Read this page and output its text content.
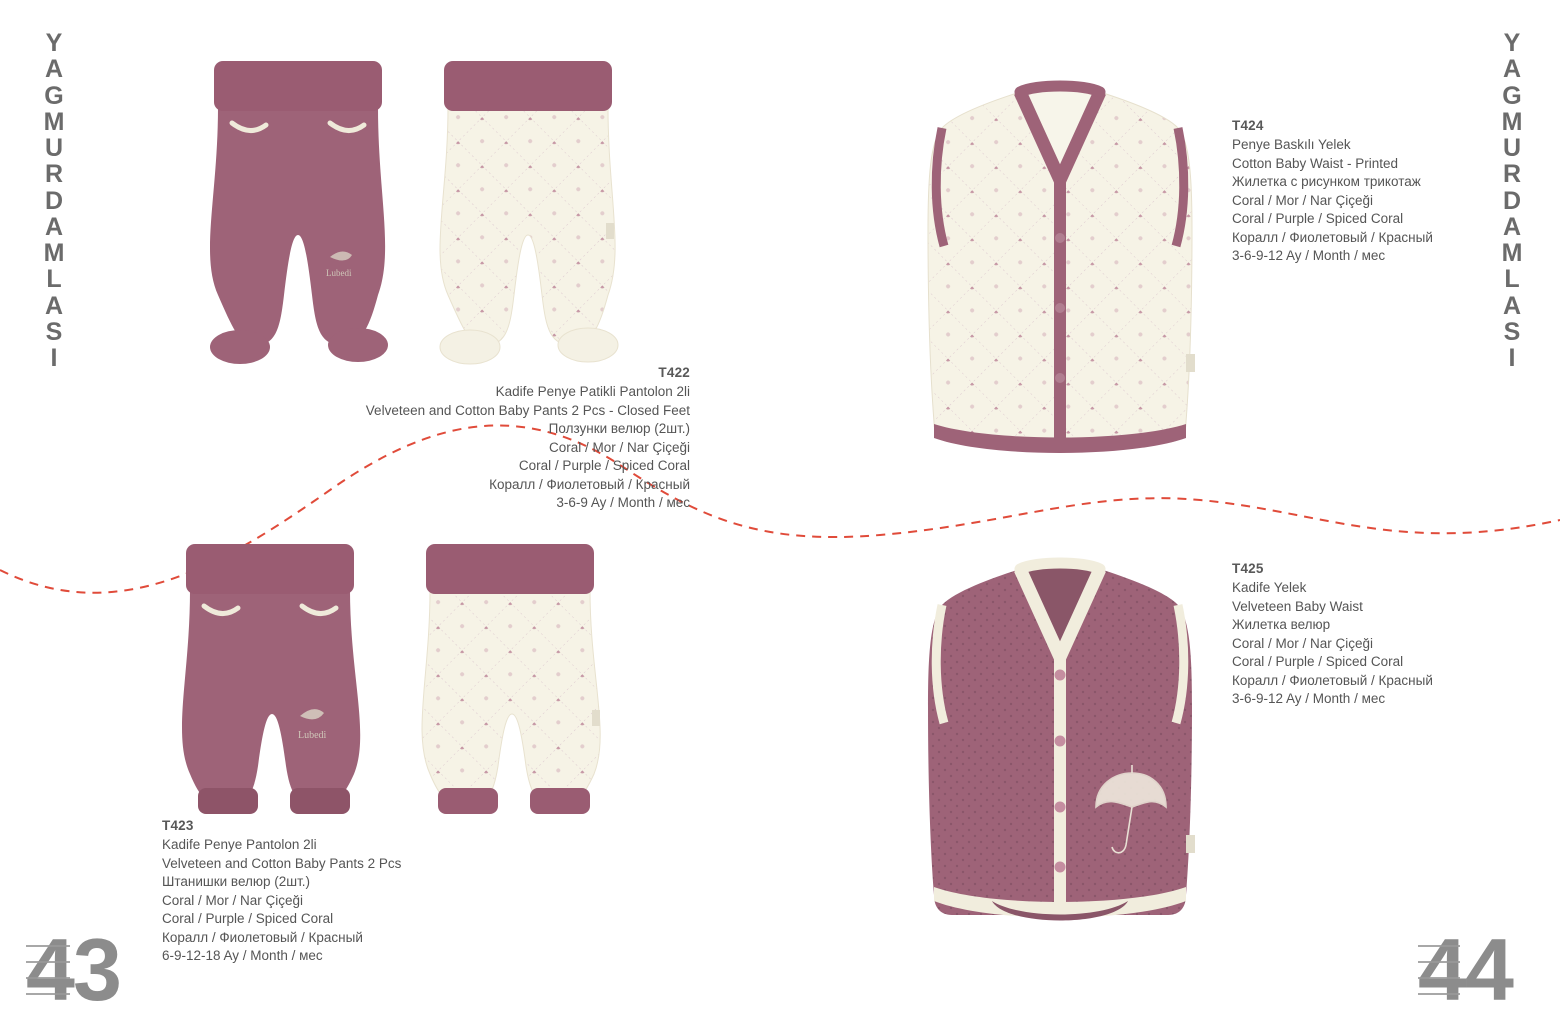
Y
A
G
M
U
R
D
A
M
L
A
S
I
Y
A
G
M
U
R
D
A
M
L
A
S
I
Lubedi
T422
Kadife Penye Patikli Pantolon 2li
Velveteen and Cotton Baby Pants 2 Pcs - Closed Feet
Ползунки велюр (2шт.)
Coral / Mor / Nar Çiçeği
Coral / Purple / Spiced Coral
Коралл / Фиолетовый / Красный
3-6-9 Ay / Month / мес
Lubedi
T423
Kadife Penye Pantolon 2li
Velveteen and Cotton Baby Pants 2 Pcs
Штанишки велюр (2шт.)
Coral / Mor / Nar Çiçeği
Coral / Purple / Spiced Coral
Коралл / Фиолетовый / Красный
6-9-12-18 Ay / Month / мес
T424
Penye Baskılı Yelek
Cotton Baby Waist - Printed
Жилетка с рисунком трикотаж
Coral / Mor / Nar Çiçeği
Coral / Purple / Spiced Coral
Коралл / Фиолетовый / Красный
3-6-9-12 Ay / Month / мес
T425
Kadife Yelek
Velveteen Baby Waist
Жилетка велюр
Coral / Mor / Nar Çiçeği
Coral / Purple / Spiced Coral
Коралл / Фиолетовый / Красный
3-6-9-12 Ay / Month / мес
43	44
